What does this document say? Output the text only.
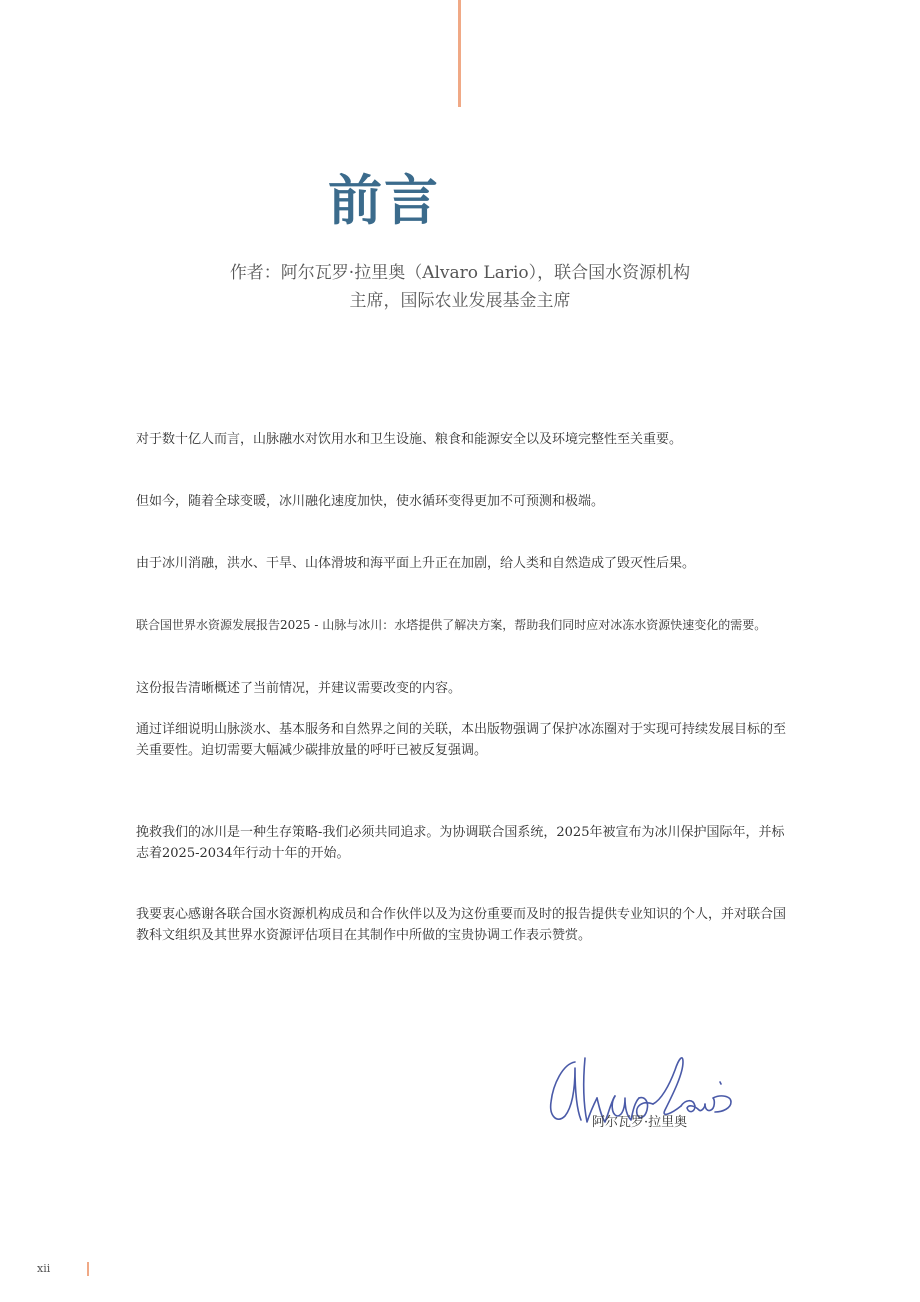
前言
作者：阿尔瓦罗·拉里奥（Alvaro Lario），联合国水资源机构
主席，国际农业发展基金主席

对于数十亿人而言，山脉融水对饮用水和卫生设施、粮食和能源安全以及环境完整性至关重要。

但如今，随着全球变暖，冰川融化速度加快，使水循环变得更加不可预测和极端。

由于冰川消融，洪水、干旱、山体滑坡和海平面上升正在加剧，给人类和自然造成了毁灭性后果。

联合国世界水资源发展报告2025 - 山脉与冰川：水塔提供了解决方案，帮助我们同时应对冰冻水资源快速变化的需要。

这份报告清晰概述了当前情况，并建议需要改变的内容。

通过详细说明山脉淡水、基本服务和自然界之间的关联，本出版物强调了保护冰冻圈对于实现可持续发展目标的至关重要性。迫切需要大幅减少碳排放量的呼吁已被反复强调。

挽救我们的冰川是一种生存策略-我们必须共同追求。为协调联合国系统，2025年被宣布为冰川保护国际年，并标志着2025-2034年行动十年的开始。

我要衷心感谢各联合国水资源机构成员和合作伙伴以及为这份重要而及时的报告提供专业知识的个人，并对联合国教科文组织及其世界水资源评估项目在其制作中所做的宝贵协调工作表示赞赏。

阿尔瓦罗·拉里奥
xii
